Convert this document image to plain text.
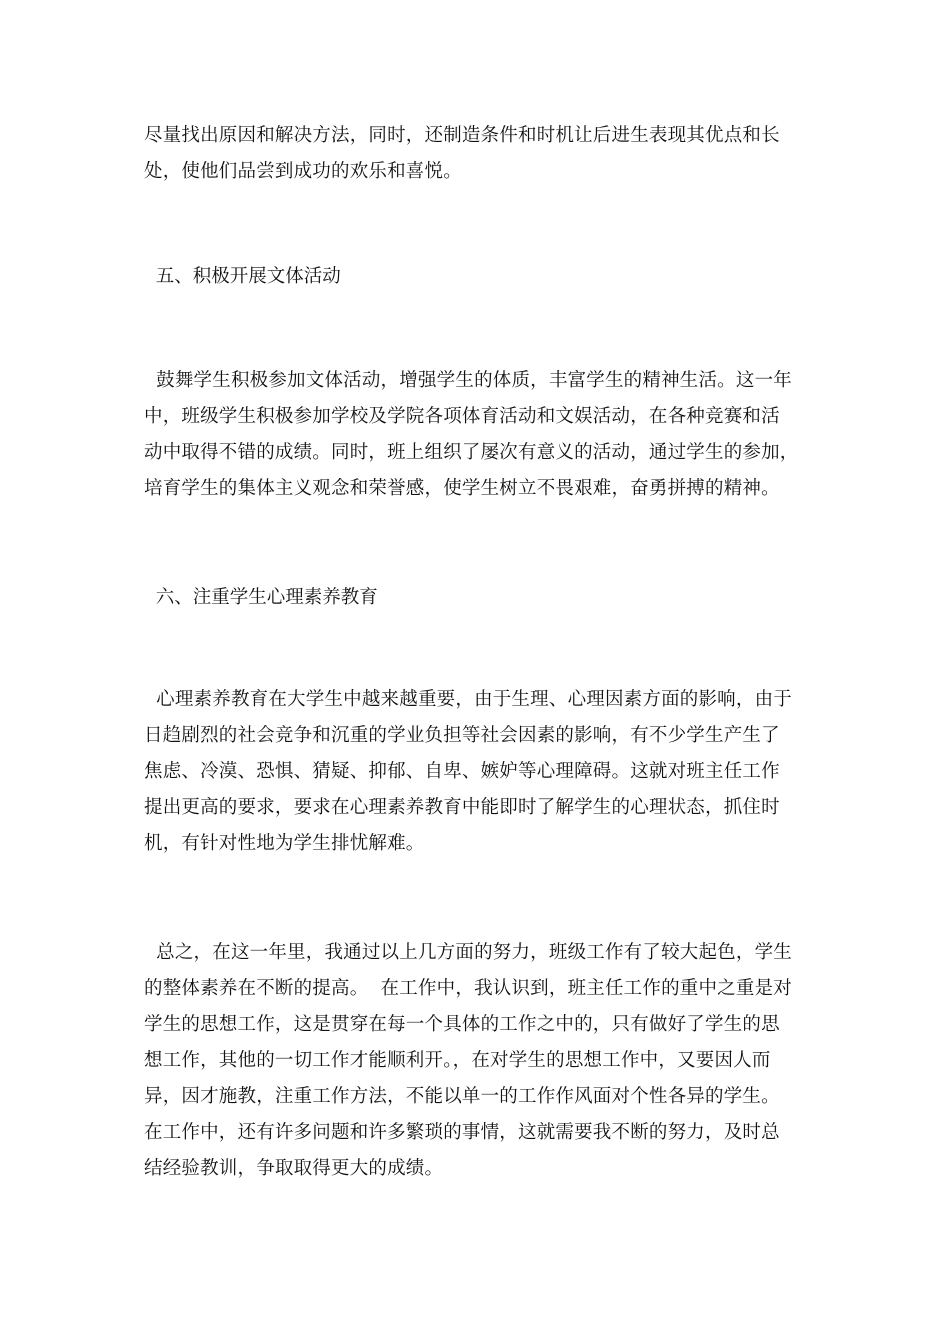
尽量找出原因和解决方法，同时，还制造条件和时机让后进生表现其优点和长
处，使他们品尝到成功的欢乐和喜悦。
五、积极开展文体活动
鼓舞学生积极参加文体活动，增强学生的体质，丰富学生的精神生活。这一年
中，班级学生积极参加学校及学院各项体育活动和文娱活动，在各种竞赛和活
动中取得不错的成绩。同时，班上组织了屡次有意义的活动，通过学生的参加，
培育学生的集体主义观念和荣誉感，使学生树立不畏艰难，奋勇拼搏的精神。
六、注重学生心理素养教育
心理素养教育在大学生中越来越重要，由于生理、心理因素方面的影响，由于
日趋剧烈的社会竞争和沉重的学业负担等社会因素的影响，有不少学生产生了
焦虑、冷漠、恐惧、猜疑、抑郁、自卑、嫉妒等心理障碍。这就对班主任工作
提出更高的要求，要求在心理素养教育中能即时了解学生的心理状态，抓住时
机，有针对性地为学生排忧解难。
总之，在这一年里，我通过以上几方面的努力，班级工作有了较大起色，学生
的整体素养在不断的提高。  在工作中，我认识到，班主任工作的重中之重是对
学生的思想工作，这是贯穿在每一个具体的工作之中的，只有做好了学生的思
想工作，其他的一切工作才能顺利开。，在对学生的思想工作中，又要因人而
异，因才施教，注重工作方法，不能以单一的工作作风面对个性各异的学生。
在工作中，还有许多问题和许多繁琐的事情，这就需要我不断的努力，及时总
结经验教训，争取取得更大的成绩。
